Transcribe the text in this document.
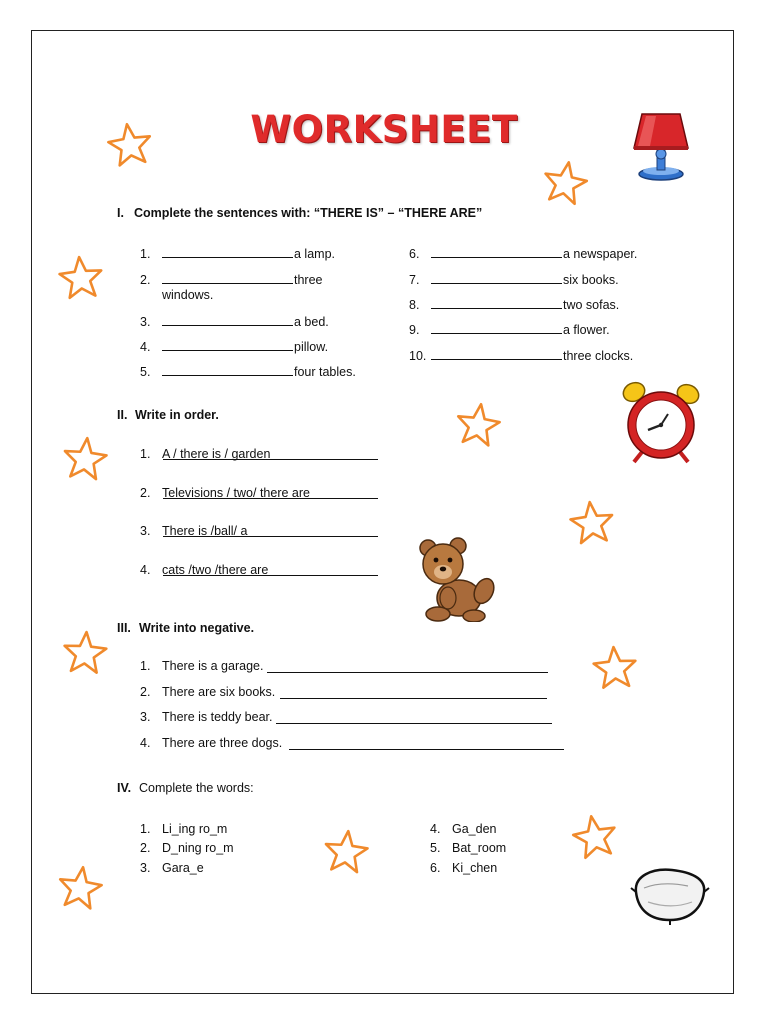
WORKSHEET
I. Complete the sentences with: “THERE IS” – “THERE ARE”
1.	a lamp.
2.	three
windows.
3.	a bed.
4.	pillow.
5.	four tables.
6.	a newspaper.
7.	six books.
8.	two sofas.
9.	a flower.
10.	three clocks.
II. Write in order.
1. A / there is / garden
2. Televisions / two/ there are
3. There is /ball/ a
4. cats /two /there are
III. Write into negative.
1. There is a garage.
2. There are six books.
3. There is teddy bear.
4. There are three dogs.
IV. Complete the words:
1. Li_ing ro_m
2. D_ning ro_m
3. Gara_e
4. Ga_den
5. Bat_room
6. Ki_chen
